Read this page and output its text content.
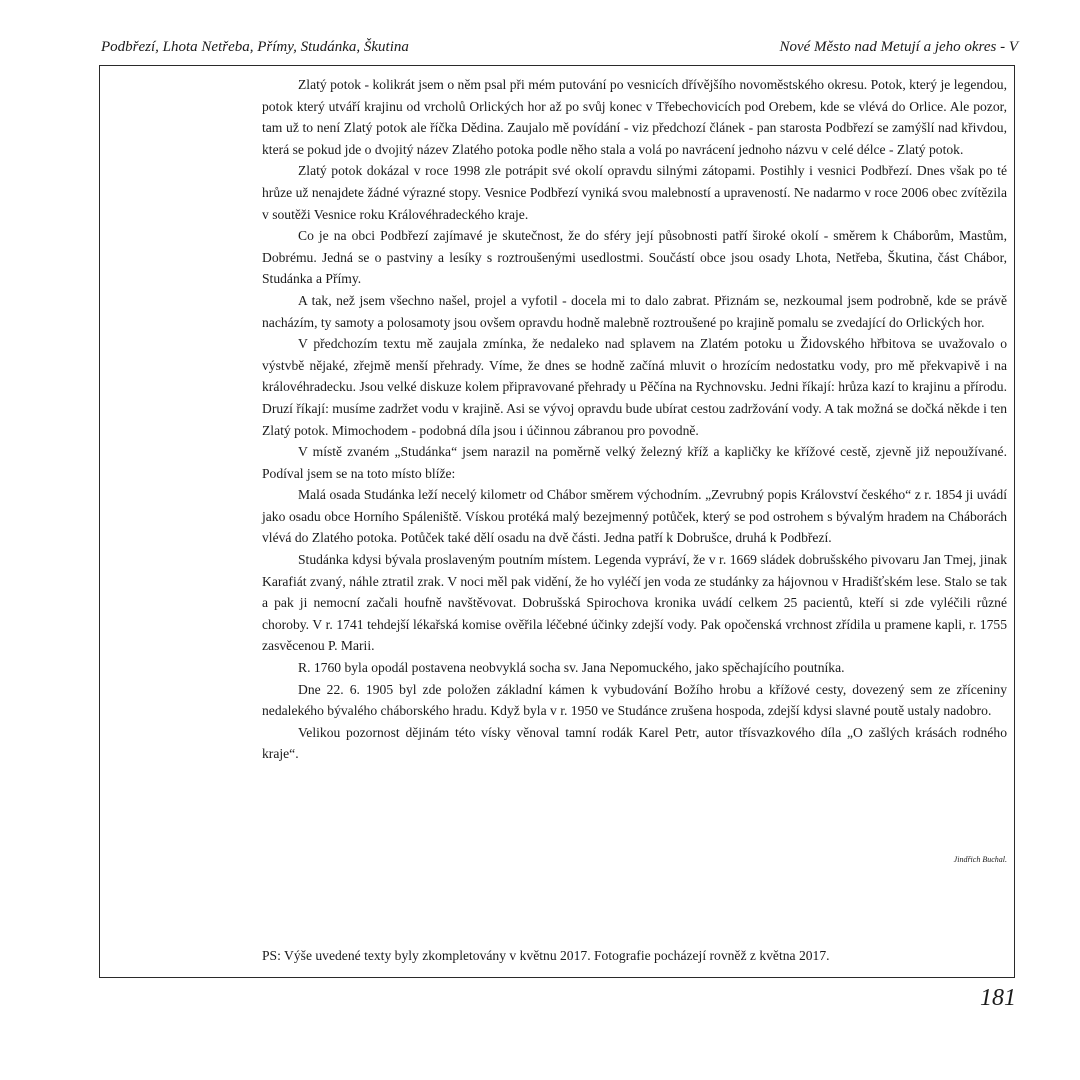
Podbřezí, Lhota Netřeba, Přímy, Studánka, Škutina	Nové Město nad Metují a jeho okres - V

Zlatý potok - kolikrát jsem o něm psal při mém putování po vesnicích dřívějšího novoměstského okresu. Potok, který je legendou, potok který utváří krajinu od vrcholů Orlických hor až po svůj konec v Třebechovicích pod Orebem, kde se vlévá do Orlice. Ale pozor, tam už to není Zlatý potok ale říčka Dědina. Zaujalo mě povídání - viz předchozí článek - pan starosta Podbřezí se zamýšlí nad křivdou, která se pokud jde o dvojitý název Zlatého potoka podle něho stala a volá po navrácení jednoho názvu v celé délce - Zlatý potok.

Zlatý potok dokázal v roce 1998 zle potrápit své okolí opravdu silnými zátopami. Postihly i vesnici Podbřezí. Dnes však po té hrůze už nenajdete žádné výrazné stopy. Vesnice Podbřezí vyniká svou malebností a upraveností. Ne nadarmo v roce 2006 obec zvítězila v soutěži Vesnice roku Královéhradeckého kraje.

Co je na obci Podbřezí zajímavé je skutečnost, že do sféry její působnosti patří široké okolí - směrem k Cháborům, Mastům, Dobrému. Jedná se o pastviny a lesíky s roztroušenými usedlostmi. Součástí obce jsou osady Lhota, Netřeba, Škutina, část Chábor, Studánka a Přímy.

A tak, než jsem všechno našel, projel a vyfotil - docela mi to dalo zabrat. Přiznám se, nezkoumal jsem podrobně, kde se právě nacházím, ty samoty a polosamoty jsou ovšem opravdu hodně malebně roztroušené po krajině pomalu se zvedající do Orlických hor.

V předchozím textu mě zaujala zmínka, že nedaleko nad splavem na Zlatém potoku u Židovského hřbitova se uvažovalo o výstvbě nějaké, zřejmě menší přehrady. Víme, že dnes se hodně začíná mluvit o hrozícím nedostatku vody, pro mě překvapivě i na královéhradecku. Jsou velké diskuze kolem připravované přehrady u Pěčína na Rychnovsku. Jedni říkají: hrůza kazí to krajinu a přírodu. Druzí říkají: musíme zadržet vodu v krajině. Asi se vývoj opravdu bude ubírat cestou zadržování vody. A tak možná se dočká někde i ten Zlatý potok. Mimochodem - podobná díla jsou i účinnou zábranou pro povodně.

V místě zvaném „Studánka“ jsem narazil na poměrně velký železný kříž a kapličky ke křížové cestě, zjevně již nepoužívané. Podíval jsem se na toto místo blíže:

Malá osada Studánka leží necelý kilometr od Chábor směrem východním. „Zevrubný popis Království českého“ z r. 1854 ji uvádí jako osadu obce Horního Spáleniště. Vískou protéká malý bezejmenný potůček, který se pod ostrohem s bývalým hradem na Cháborách vlévá do Zlatého potoka. Potůček také dělí osadu na dvě části. Jedna patří k Dobrušce, druhá k Podbřezí.

Studánka kdysi bývala proslaveným poutním místem. Legenda vypráví, že v r. 1669 sládek dobrušského pivovaru Jan Tmej, jinak Karafiát zvaný, náhle ztratil zrak. V noci měl pak vidění, že ho vyléčí jen voda ze studánky za hájovnou v Hradišťském lese. Stalo se tak a pak ji nemocní začali houfně navštěvovat. Dobrušská Spirochova kronika uvádí celkem 25 pacientů, kteří si zde vyléčili různé choroby. V r. 1741 tehdejší lékařská komise ověřila léčebné účinky zdejší vody. Pak opočenská vrchnost zřídila u pramene kapli, r. 1755 zasvěcenou P. Marii.

R. 1760 byla opodál postavena neobvyklá socha sv. Jana Nepomuckého, jako spěchajícího poutníka.

Dne 22. 6. 1905 byl zde položen základní kámen k vybudování Božího hrobu a křížové cesty, dovezený sem ze zříceniny nedalekého bývalého cháborského hradu. Když byla v r. 1950 ve Studánce zrušena hospoda, zdejší kdysi slavné poutě ustaly nadobro.

Velikou pozornost dějinám této vísky věnoval tamní rodák Karel Petr, autor třísvazkového díla „O zašlých krásách rodného kraje“.

Jindřich Buchal.
PS: Výše uvedené texty byly zkompletovány v květnu 2017. Fotografie pocházejí rovněž z května 2017.
181
